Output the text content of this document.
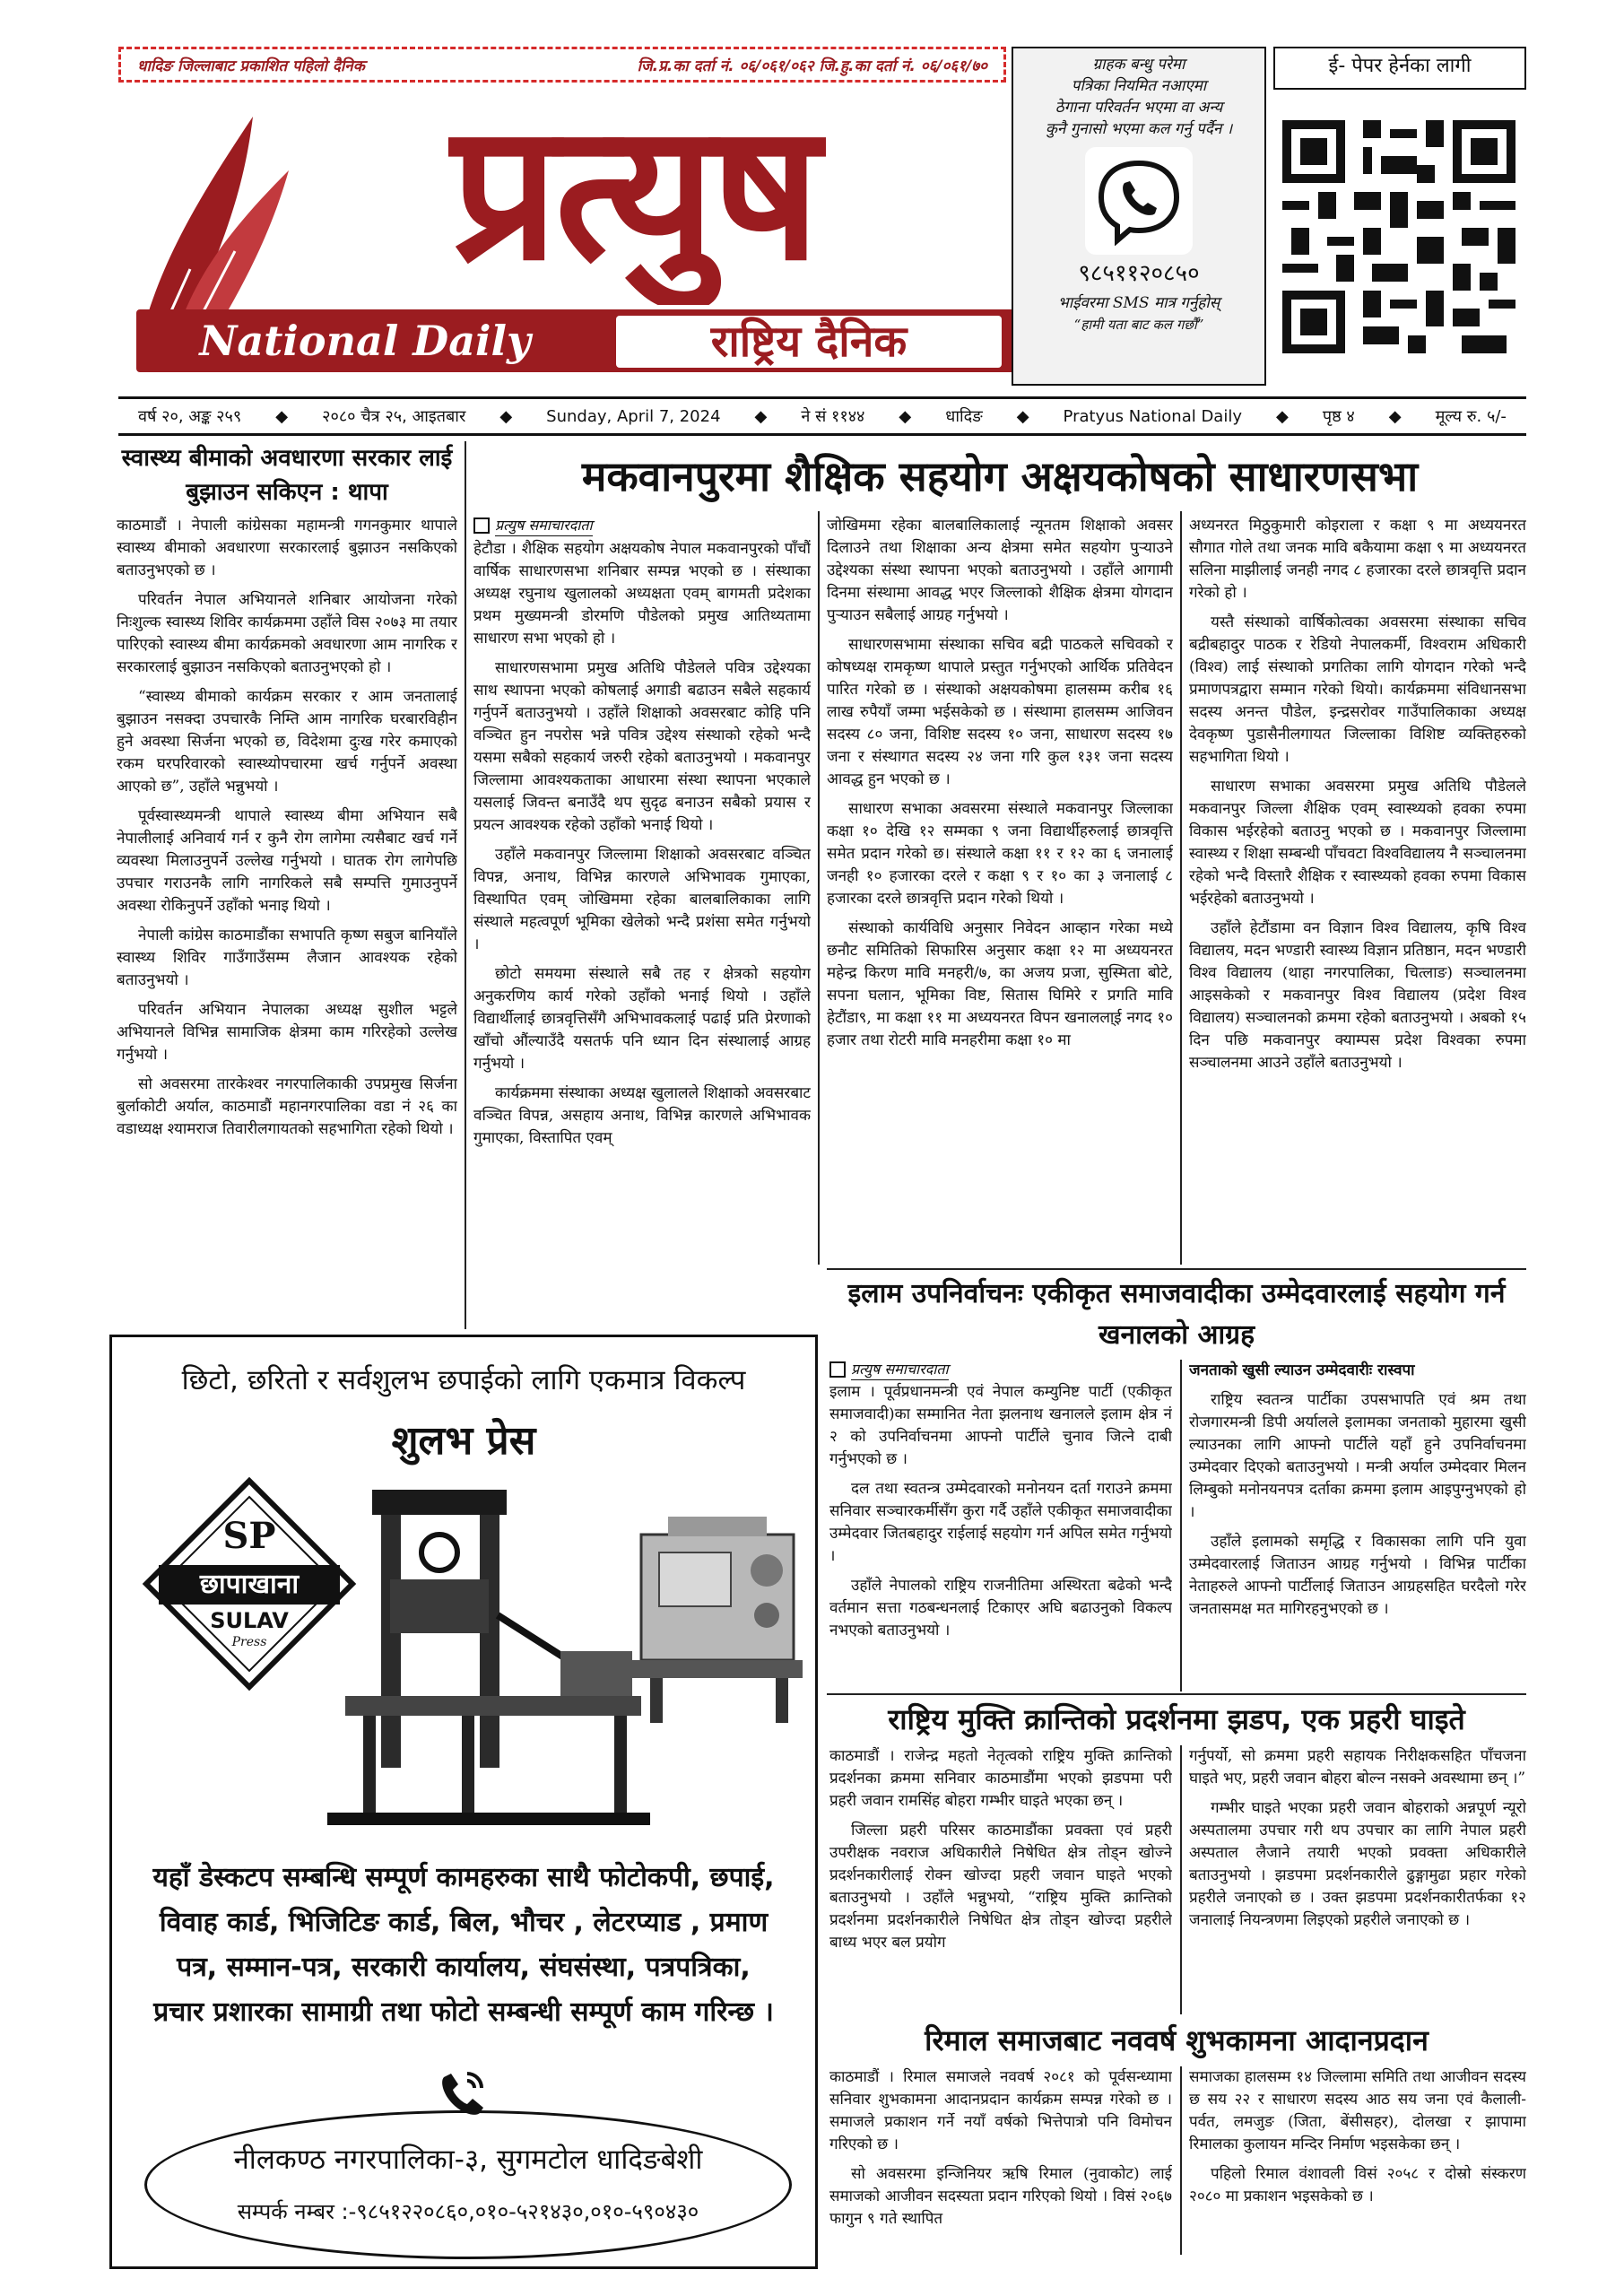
धादिङ जिल्लाबाट प्रकाशित पहिलो दैनिक	जि.प्र.का दर्ता नं. ०६/०६१/०६२ जि.हु.का दर्ता नं. ०६/०६१/७०
प्रत्युष
National Daily	राष्ट्रिय दैनिक
ग्राहक बन्धु परेमा
पत्रिका नियमित नआएमा
ठेगाना परिवर्तन भएमा वा अन्य
कुनै गुनासो भएमा कल गर्नु पर्दैन ।
९८५११२०८५०
भाईवरमा SMS मात्र गर्नुहोस्
“हामी यता बाट कल गर्छौं”
ई- पेपर हेर्नका लागी
वर्ष २०, अङ्क २५९ ◆ २०८० चैत्र २५, आइतबार ◆ Sunday, April 7, 2024 ◆ ने सं ११४४ ◆ धादिङ ◆ Pratyus National Daily ◆ पृष्ठ ४ ◆ मूल्य रु. ५/-
स्वास्थ्य बीमाको अवधारणा सरकार लाई बुझाउन सकिएन : थापा

काठमाडौं । नेपाली कांग्रेसका महामन्त्री गगनकुमार थापाले स्वास्थ्य बीमाको अवधारणा सरकारलाई बुझाउन नसकिएको बताउनुभएको छ ।

परिवर्तन नेपाल अभियानले शनिबार आयोजना गरेको निःशुल्क स्वास्थ्य शिविर कार्यक्रममा उहाँले विस २०७३ मा तयार पारिएको स्वास्थ्य बीमा कार्यक्रमको अवधारणा आम नागरिक र सरकारलाई बुझाउन नसकिएको बताउनुभएको हो ।

“स्वास्थ्य बीमाको कार्यक्रम सरकार र आम जनतालाई बुझाउन नसक्दा उपचारकै निम्ति आम नागरिक घरबारविहीन हुने अवस्था सिर्जना भएको छ, विदेशमा दुःख गरेर कमाएको रकम घरपरिवारको स्वास्थ्योपचारमा खर्च गर्नुपर्ने अवस्था आएको छ”, उहाँले भन्नुभयो ।

पूर्वस्वास्थ्यमन्त्री थापाले स्वास्थ्य बीमा अभियान सबै नेपालीलाई अनिवार्य गर्न र कुनै रोग लागेमा त्यसैबाट खर्च गर्ने व्यवस्था मिलाउनुपर्ने उल्लेख गर्नुभयो । घातक रोग लागेपछि उपचार गराउनकै लागि नागरिकले सबै सम्पत्ति गुमाउनुपर्ने अवस्था रोकिनुपर्ने उहाँको भनाइ थियो ।

नेपाली कांग्रेस काठमाडौंका सभापति कृष्ण सबुज बानियाँले स्वास्थ्य शिविर गाउँगाउँसम्म लैजान आवश्यक रहेको बताउनुभयो ।

परिवर्तन अभियान नेपालका अध्यक्ष सुशील भट्टले अभियानले विभिन्न सामाजिक क्षेत्रमा काम गरिरहेको उल्लेख गर्नुभयो ।

सो अवसरमा तारकेश्वर नगरपालिकाकी उपप्रमुख सिर्जना बुर्लाकोटी अर्याल, काठमाडौं महानगरपालिका वडा नं २६ का वडाध्यक्ष श्यामराज तिवारीलगायतको सहभागिता रहेको थियो ।

मकवानपुरमा शैक्षिक सहयोग अक्षयकोषको साधारणसभा
प्रत्युष समाचारदाता

हेटौडा । शैक्षिक सहयोग अक्षयकोष नेपाल मकवानपुरको पाँचौं वार्षिक साधारणसभा शनिबार सम्पन्न भएको छ । संस्थाका अध्यक्ष रघुनाथ खुलालको अध्यक्षता एवम् बागमती प्रदेशका प्रथम मुख्यमन्त्री डोरमणि पौडेलको प्रमुख आतिथ्यतामा साधारण सभा भएको हो ।

साधारणसभामा प्रमुख अतिथि पौडेलले पवित्र उद्देश्यका साथ स्थापना भएको कोषलाई अगाडी बढाउन सबैले सहकार्य गर्नुपर्ने बताउनुभयो । उहाँले शिक्षाको अवसरबाट कोहि पनि वञ्चित हुन नपरोस भन्ने पवित्र उद्देश्य संस्थाको रहेको भन्दै यसमा सबैको सहकार्य जरुरी रहेको बताउनुभयो । मकवानपुर जिल्लामा आवश्यकताका आधारमा संस्था स्थापना भएकाले यसलाई जिवन्त बनाउँदै थप सुदृढ बनाउन सबैको प्रयास र प्रयत्न आवश्यक रहेको उहाँको भनाई थियो ।

उहाँले मकवानपुर जिल्लामा शिक्षाको अवसरबाट वञ्चित विपन्न, अनाथ, विभिन्न कारणले अभिभावक गुमाएका, विस्थापित एवम् जोखिममा रहेका बालबालिकाका लागि संस्थाले महत्वपूर्ण भूमिका खेलेको भन्दै प्रशंसा समेत गर्नुभयो ।

छोटो समयमा संस्थाले सबै तह र क्षेत्रको सहयोग अनुकरणिय कार्य गरेको उहाँको भनाई थियो । उहाँले विद्यार्थीलाई छात्रवृत्तिसँगै अभिभावकलाई पढाई प्रति प्रेरणाको खाँचो औंल्याउँदै यसतर्फ पनि ध्यान दिन संस्थालाई आग्रह गर्नुभयो ।

कार्यक्रममा संस्थाका अध्यक्ष खुलालले शिक्षाको अवसरबाट वञ्चित विपन्न, असहाय अनाथ, विभिन्न कारणले अभिभावक गुमाएका, विस्तापित एवम्

जोखिममा रहेका बालबालिकालाई न्यूनतम शिक्षाको अवसर दिलाउने तथा शिक्षाका अन्य क्षेत्रमा समेत सहयोग पुऱ्याउने उद्देश्यका संस्था स्थापना भएको बताउनुभयो । उहाँले आगामी दिनमा संस्थामा आवद्ध भएर जिल्लाको शैक्षिक क्षेत्रमा योगदान पुऱ्याउन सबैलाई आग्रह गर्नुभयो ।

साधारणसभामा संस्थाका सचिव बद्री पाठकले सचिवको र कोषध्यक्ष रामकृष्ण थापाले प्रस्तुत गर्नुभएको आर्थिक प्रतिवेदन पारित गरेको छ । संस्थाको अक्षयकोषमा हालसम्म करीब १६ लाख रुपैयाँ जम्मा भईसकेको छ । संस्थामा हालसम्म आजिवन सदस्य ८० जना, विशिष्ट सदस्य १० जना, साधारण सदस्य १७ जना र संस्थागत सदस्य २४ जना गरि कुल १३१ जना सदस्य आवद्ध हुन भएको छ ।

साधारण सभाका अवसरमा संस्थाले मकवानपुर जिल्लाका कक्षा १० देखि १२ सम्मका ९ जना विद्यार्थीहरुलाई छात्रवृत्ति समेत प्रदान गरेको छ। संस्थाले कक्षा ११ र १२ का ६ जनालाई जनही १० हजारका दरले र कक्षा ९ र १० का ३ जनालाई ८ हजारका दरले छात्रवृत्ति प्रदान गरेको थियो ।

संस्थाको कार्यविधि अनुसार निवेदन आव्हान गरेका मध्ये छनौट समितिको सिफारिस अनुसार कक्षा १२ मा अध्ययनरत महेन्द्र किरण मावि मनहरी/७, का अजय प्रजा, सुस्मिता बोटे, सपना घलान, भूमिका विष्ट, सितास घिमिरे र प्रगति मावि हेटौंडा९, मा कक्षा ११ मा अध्ययनरत विपन खनालला्ई नगद १० हजार तथा रोटरी मावि मनहरीमा कक्षा १० मा

अध्यनरत मिठुकुमारी कोइराला र कक्षा ९ मा अध्ययनरत सौगात गोले तथा जनक मावि बकैयामा कक्षा ९ मा अध्ययनरत सलिना माझीलाई जनही नगद ८ हजारका दरले छात्रवृत्ति प्रदान गरेको हो ।

यस्तै संस्थाको वार्षिकोत्वका अवसरमा संस्थाका सचिव बद्रीबहादुर पाठक र रेडियो नेपालकर्मी, विश्वराम अधिकारी (विश्व) लाई संस्थाको प्रगतिका लागि योगदान गरेको भन्दै प्रमाणपत्रद्वारा सम्मान गरेको थियो। कार्यक्रममा संविधानसभा सदस्य अनन्त पौडेल, इन्द्रसरोवर गाउँपालिकाका अध्यक्ष देवकृष्ण पुडासैनीलगायत जिल्लाका विशिष्ट व्यक्तिहरुको सहभागिता थियो ।

साधारण सभाका अवसरमा प्रमुख अतिथि पौडेलले मकवानपुर जिल्ला शैक्षिक एवम् स्वास्थ्यको हवका रुपमा विकास भईरहेको बताउनु भएको छ । मकवानपुर जिल्लामा स्वास्थ्य र शिक्षा सम्बन्धी पाँचवटा विश्वविद्यालय नै सञ्चालनमा रहेको भन्दै विस्तारै शैक्षिक र स्वास्थ्यको हवका रुपमा विकास भईरहेको बताउनुभयो ।

उहाँले हेटौंडामा वन विज्ञान विश्व विद्यालय, कृषि विश्व विद्यालय, मदन भण्डारी स्वास्थ्य विज्ञान प्रतिष्ठान, मदन भण्डारी विश्व विद्यालय (थाहा नगरपालिका, चित्लाङ) सञ्चालनमा आइसकेको र मकवानपुर विश्व विद्यालय (प्रदेश विश्व विद्यालय) सञ्चालनको क्रममा रहेको बताउनुभयो । अबको १५ दिन पछि मकवानपुर क्याम्पस प्रदेश विश्वका रुपमा सञ्चालनमा आउने उहाँले बताउनुभयो ।

इलाम उपनिर्वाचनः एकीकृत समाजवादीका उम्मेदवारलाई सहयोग गर्न खनालको आग्रह
प्रत्युष समाचारदाता

इलाम । पूर्वप्रधानमन्त्री एवं नेपाल कम्युनिष्ट पार्टी (एकीकृत समाजवादी)का सम्मानित नेता झलनाथ खनालले इलाम क्षेत्र नं २ को उपनिर्वाचनमा आफ्नो पार्टीले चुनाव जित्ने दाबी गर्नुभएको छ ।

दल तथा स्वतन्त्र उम्मेदवारको मनोनयन दर्ता गराउने क्रममा सनिवार सञ्चारकर्मीसँग कुरा गर्दै उहाँले एकीकृत समाजवादीका उम्मेदवार जितबहादुर राईलाई सहयोग गर्न अपिल समेत गर्नुभयो ।

उहाँले नेपालको राष्ट्रिय राजनीतिमा अस्थिरता बढेको भन्दै वर्तमान सत्ता गठबन्धनलाई टिकाएर अघि बढाउनुको विकल्प नभएको बताउनुभयो ।

जनताको खुसी ल्याउन उम्मेदवारीः रास्वपा

राष्ट्रिय स्वतन्त्र पार्टीका उपसभापति एवं श्रम तथा रोजगारमन्त्री डिपी अर्यालले इलामका जनताको मुहारमा खुसी ल्याउनका लागि आफ्नो पार्टीले यहाँ हुने उपनिर्वाचनमा उम्मेदवार दिएको बताउनुभयो । मन्त्री अर्याल उम्मेदवार मिलन लिम्बुको मनोनयनपत्र दर्ताका क्रममा इलाम आइपुग्नुभएको हो ।

उहाँले इलामको समृद्धि र विकासका लागि पनि युवा उम्मेदवारलाई जिताउन आग्रह गर्नुभयो । विभिन्न पार्टीका नेताहरुले आफ्नो पार्टीलाई जिताउन आग्रहसहित घरदैलो गरेर जनतासमक्ष मत मागिरहनुभएको छ ।

राष्ट्रिय मुक्ति क्रान्तिको प्रदर्शनमा झडप, एक प्रहरी घाइते

काठमाडौं । राजेन्द्र महतो नेतृत्वको राष्ट्रिय मुक्ति क्रान्तिको प्रदर्शनका क्रममा सनिवार काठमाडौंमा भएको झडपमा परी प्रहरी जवान रामसिंह बोहरा गम्भीर घाइते भएका छन् ।

जिल्ला प्रहरी परिसर काठमाडौंका प्रवक्ता एवं प्रहरी उपरीक्षक नवराज अधिकारीले निषेधित क्षेत्र तोड्न खोज्ने प्रदर्शनकारीलाई रोक्न खोज्दा प्रहरी जवान घाइते भएको बताउनुभयो । उहाँले भन्नुभयो, “राष्ट्रिय मुक्ति क्रान्तिको प्रदर्शनमा प्रदर्शनकारीले निषेधित क्षेत्र तोड्न खोज्दा प्रहरीले बाध्य भएर बल प्रयोग

गर्नुपर्यो, सो क्रममा प्रहरी सहायक निरीक्षकसहित पाँचजना घाइते भए, प्रहरी जवान बोहरा बोल्न नसक्ने अवस्थामा छन् ।”

गम्भीर घाइते भएका प्रहरी जवान बोहराको अन्नपूर्ण न्यूरो अस्पतालमा उपचार गरी थप उपचार का लागि नेपाल प्रहरी अस्पताल लैजाने तयारी भएको प्रवक्ता अधिकारीले बताउनुभयो । झडपमा प्रदर्शनकारीले ढुङ्गामुढा प्रहार गरेको प्रहरीले जनाएको छ । उक्त झडपमा प्रदर्शनकारीतर्फका १२ जनालाई नियन्त्रणमा लिइएको प्रहरीले जनाएको छ ।

रिमाल समाजबाट नववर्ष शुभकामना आदानप्रदान

काठमाडौं । रिमाल समाजले नववर्ष २०८१ को पूर्वसन्ध्यामा सनिवार शुभकामना आदानप्रदान कार्यक्रम सम्पन्न गरेको छ । समाजले प्रकाशन गर्ने नयाँ वर्षको भित्तेपात्रो पनि विमोचन गरिएको छ ।

सो अवसरमा इन्जिनियर ऋषि रिमाल (नुवाकोट) लाई समाजको आजीवन सदस्यता प्रदान गरिएको थियो । विसं २०६७ फागुन ९ गते स्थापित

समाजका हालसम्म १४ जिल्लामा समिति तथा आजीवन सदस्य छ सय २२ र साधारण सदस्य आठ सय जना एवं कैलाली-पर्वत, लमजुङ (जिता, बेंसीसहर), दोलखा र झापामा रिमालका कुलायन मन्दिर निर्माण भइसकेका छन् ।

पहिलो रिमाल वंशावली विसं २०५८ र दोस्रो संस्करण २०८० मा प्रकाशन भइसकेको छ ।

छिटो, छरितो र सर्वशुलभ छपाईको लागि एकमात्र विकल्प
शुलभ प्रेस
SP
छापाखाना
SULAV
Press
यहाँ डेस्कटप सम्बन्धि सम्पूर्ण कामहरुका साथै फोटोकपी, छपाई, विवाह कार्ड, भिजिटिङ कार्ड, बिल, भौचर , लेटरप्याड , प्रमाण पत्र, सम्मान-पत्र, सरकारी कार्यालय, संघसंस्था, पत्रपत्रिका, प्रचार प्रशारका सामाग्री तथा फोटो सम्बन्धी सम्पूर्ण काम गरिन्छ ।
नीलकण्ठ नगरपालिका-३, सुगमटोल धादिङबेशी
सम्पर्क नम्बर :-९८५१२२०८६०,०१०-५२१४३०,०१०-५९०४३०
